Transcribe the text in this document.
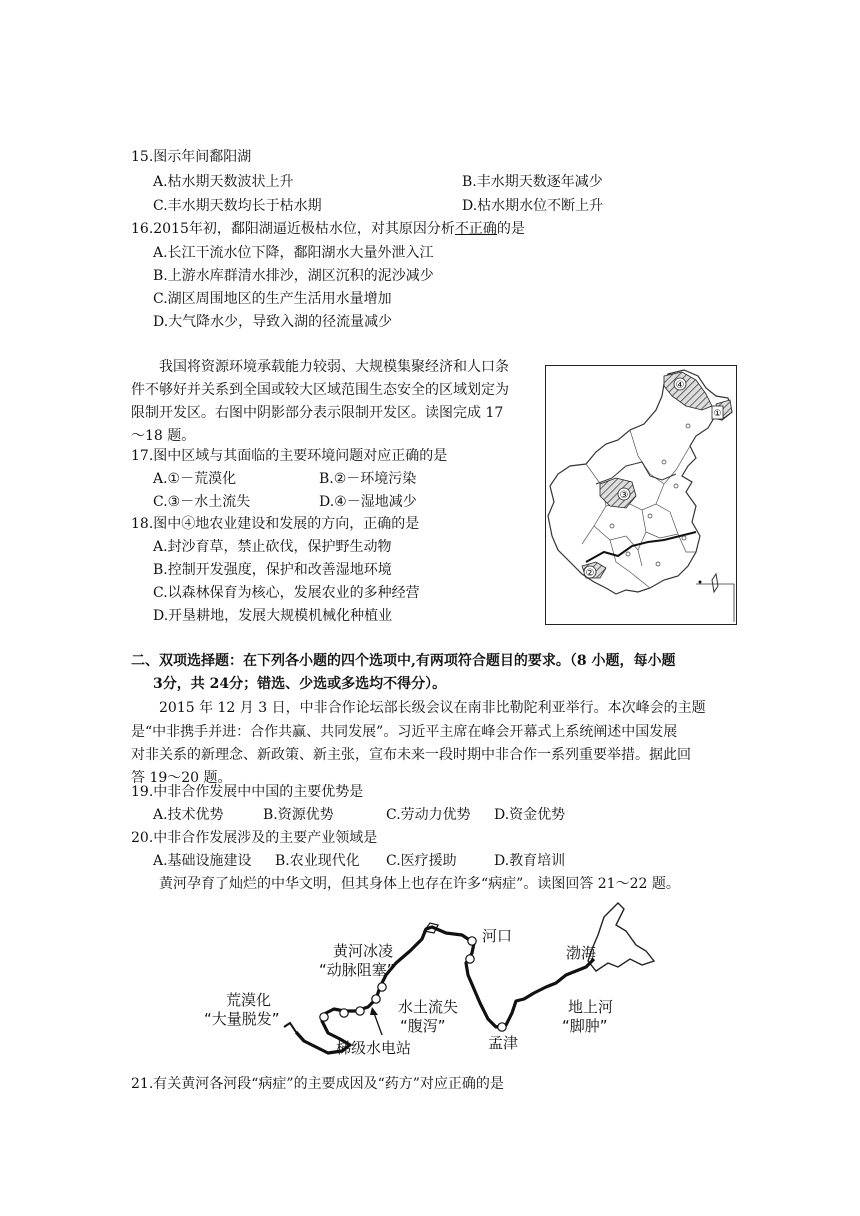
15.图示年间鄱阳湖
A.枯水期天数波状上升	B.丰水期天数逐年减少
C.丰水期天数均长于枯水期	D.枯水期水位不断上升
16.2015年初，鄱阳湖逼近极枯水位，对其原因分析不正确的是
A.长江干流水位下降，鄱阳湖水大量外泄入江
B.上游水库群清水排沙，湖区沉积的泥沙减少
C.湖区周围地区的生产生活用水量增加
D.大气降水少，导致入湖的径流量减少
我国将资源环境承载能力较弱、大规模集聚经济和人口条
件不够好并关系到全国或较大区域范围生态安全的区域划定为
限制开发区。右图中阴影部分表示限制开发区。读图完成 17
～18 题。
④
①
③
②
17.图中区域与其面临的主要环境问题对应正确的是
A.①－荒漠化	B.②－环境污染
C.③－水土流失	D.④－湿地减少
18.图中④地农业建设和发展的方向，正确的是
A.封沙育草，禁止砍伐，保护野生动物
B.控制开发强度，保护和改善湿地环境
C.以森林保育为核心，发展农业的多种经营
D.开垦耕地，发展大规模机械化种植业
二、双项选择题：在下列各小题的四个选项中,有两项符合题目的要求。（8 小题，每小题
3分，共 24分；错选、少选或多选均不得分）。
2015 年 12 月 3 日，中非合作论坛部长级会议在南非比勒陀利亚举行。本次峰会的主题
是“中非携手并进：合作共赢、共同发展”。习近平主席在峰会开幕式上系统阐述中国发展
对非关系的新理念、新政策、新主张，宣布未来一段时期中非合作一系列重要举措。据此回
答 19～20 题。
19.中非合作发展中中国的主要优势是
A.技术优势	B.资源优势	C.劳动力优势 D.资金优势
20.中非合作发展涉及的主要产业领域是
A.基础设施建设 B.农业现代化 C.医疗援助	D.教育培训
黄河孕育了灿烂的中华文明，但其身体上也存在许多“病症”。读图回答 21～22 题。
黄河冰凌
“动脉阻塞”
河口
渤海
水土流失
“腹泻”
地上河
“脚肿”
荒漠化
“大量脱发”
孟津
梯级水电站
21.有关黄河各河段“病症”的主要成因及“药方”对应正确的是
